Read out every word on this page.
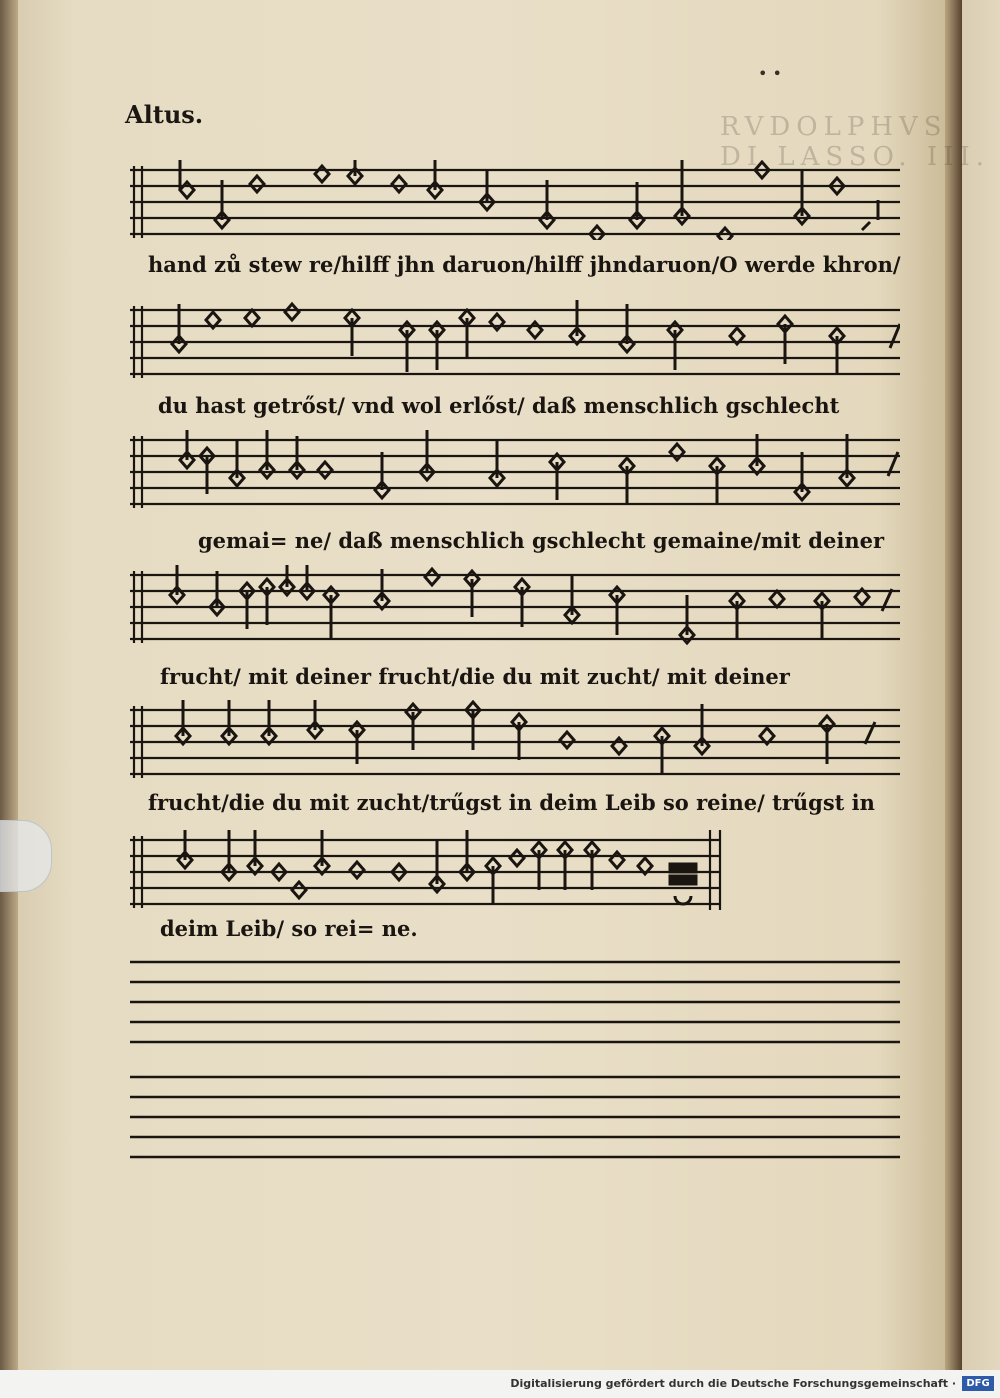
RVDOLPHVS DI LASSO. III.
• •
Altus.
hand zů stew re/hilff jhn daruon/hilff jhndaruon/O werde khron/
du hast getrőst/ vnd wol erlőst/ daß menschlich gschlecht
gemai= ne/ daß menschlich gschlecht gemaine/mit deiner
frucht/ mit deiner frucht/die du mit zucht/ mit deiner
frucht/die du mit zucht/trűgst in deim Leib so reine/ trűgst in
deim Leib/ so rei= ne.
Digitalisierung gefördert durch die Deutsche Forschungsgemeinschaft ·	DFG
